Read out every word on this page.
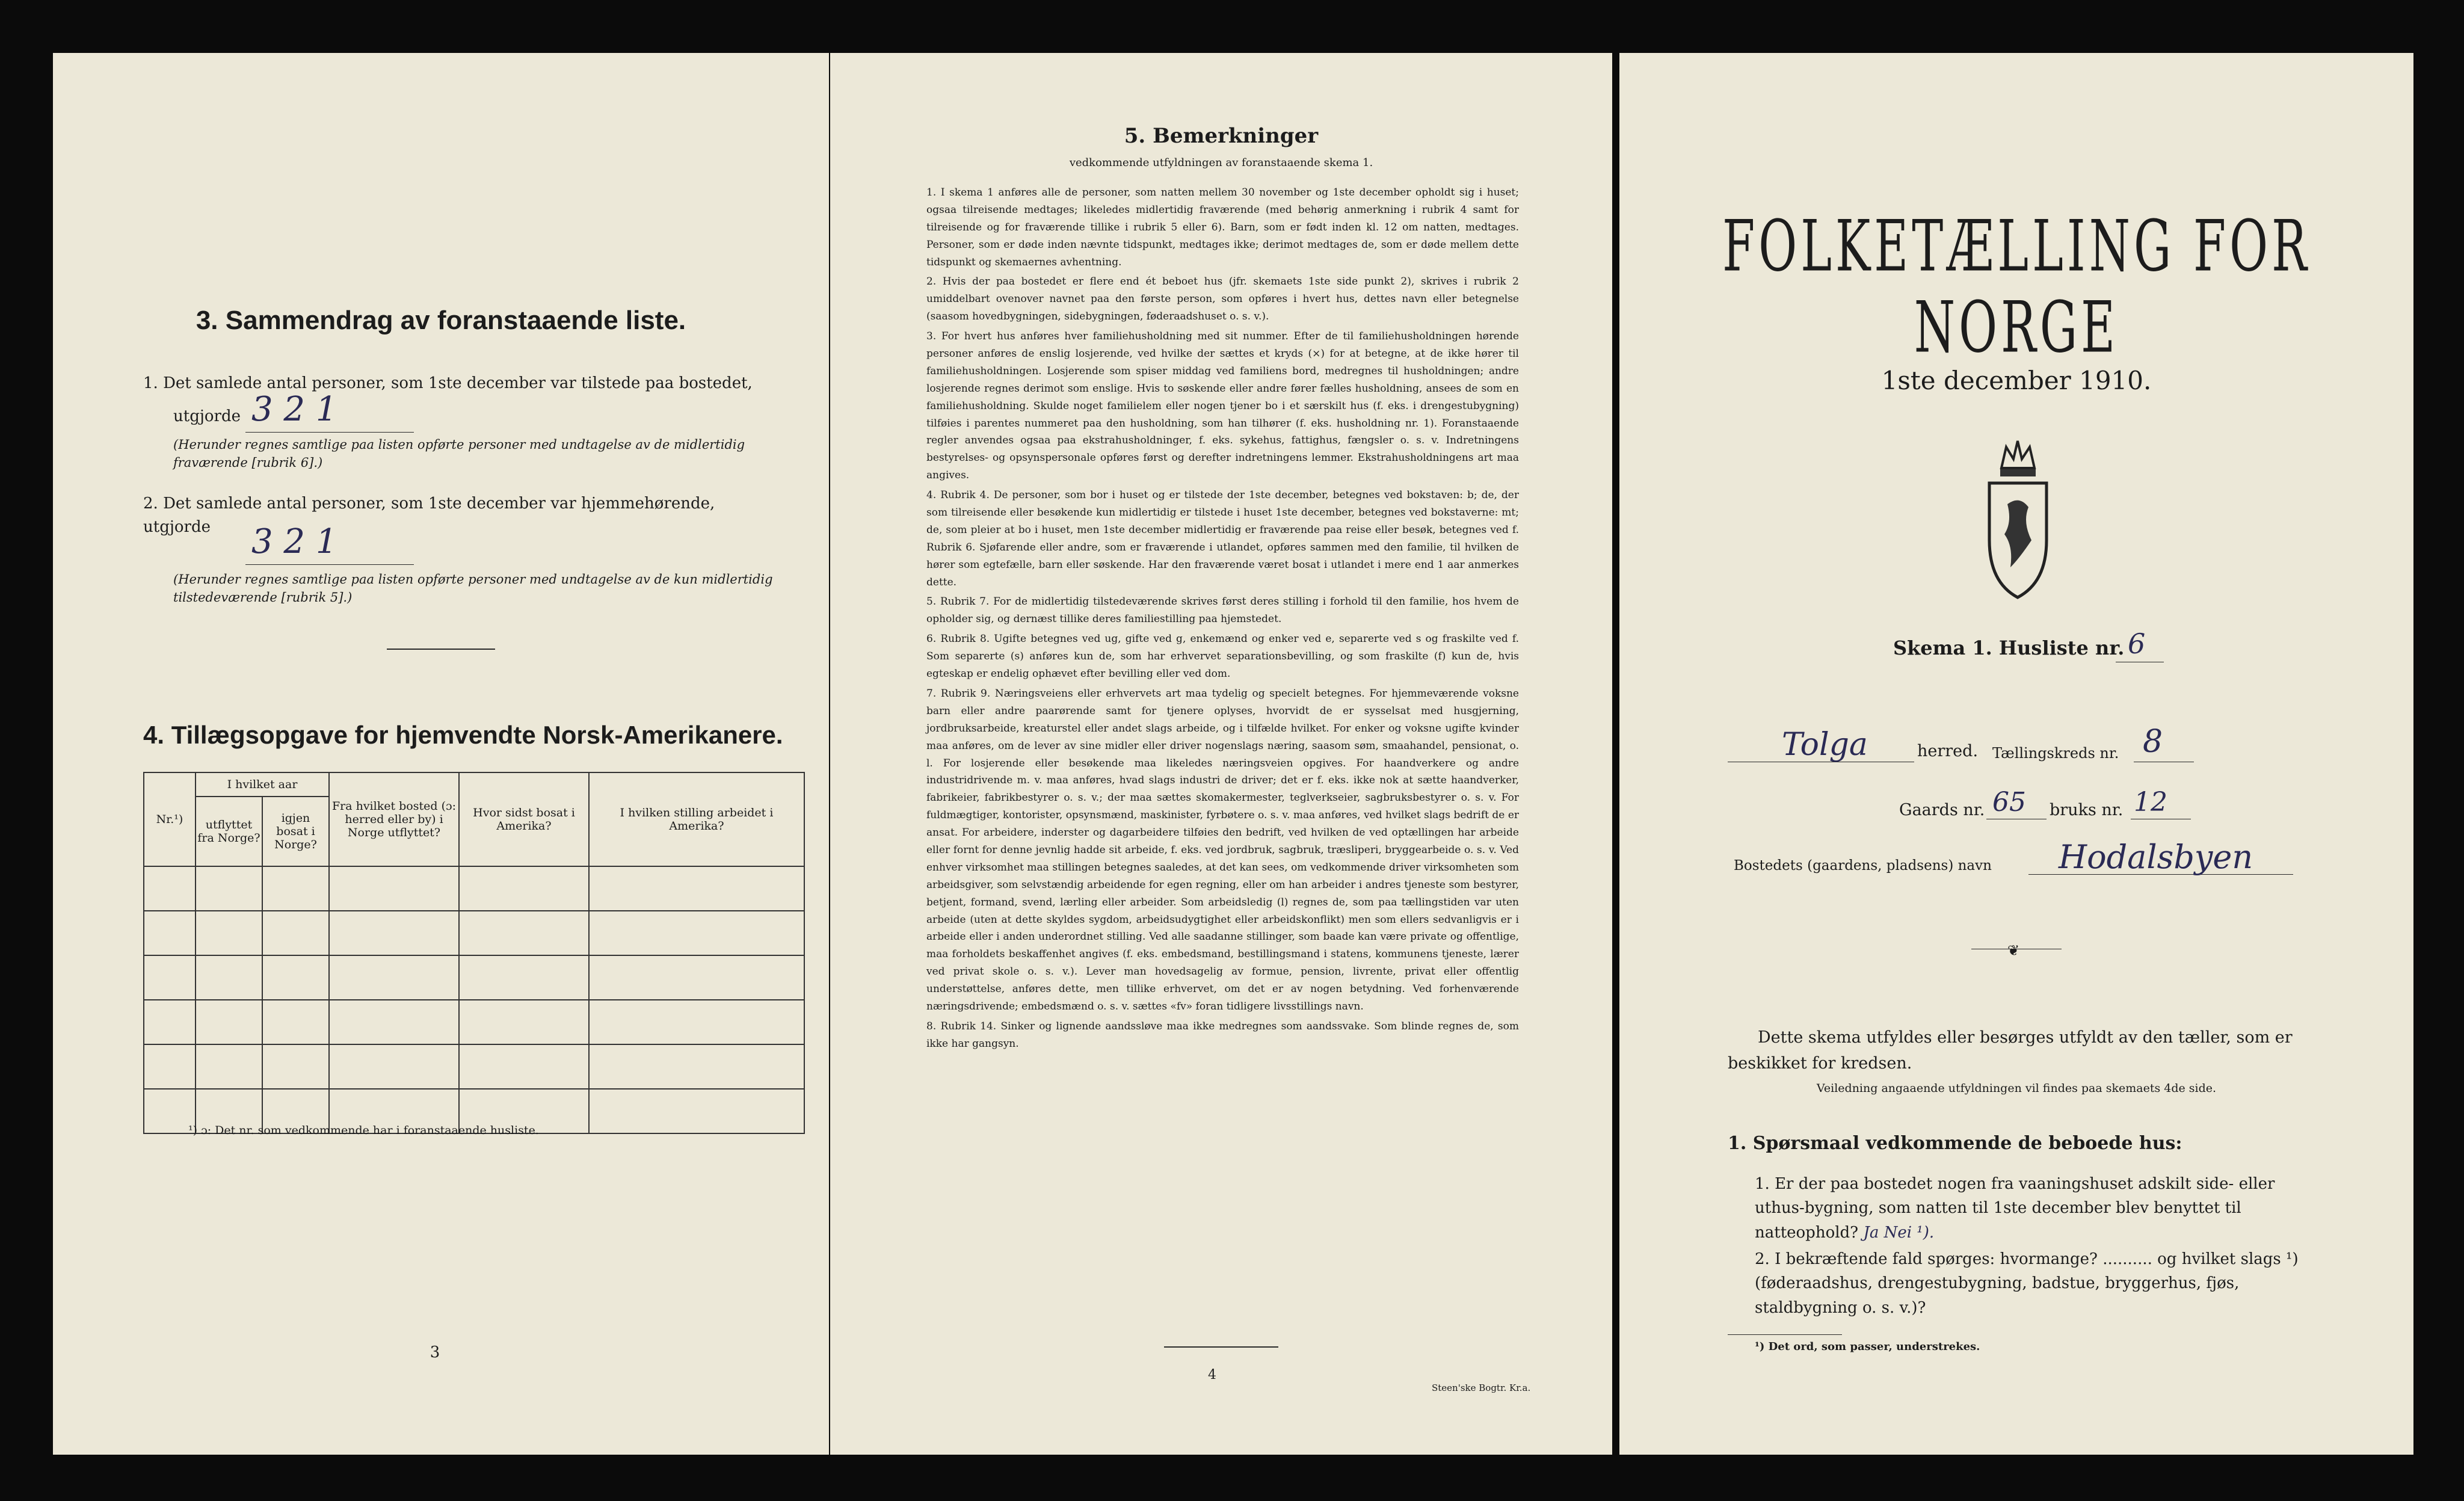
3. Sammendrag av foranstaaende liste.
1. Det samlede antal personer, som 1ste december var tilstede paa bostedet,
utgjorde 3 2 1
(Herunder regnes samtlige paa listen opførte personer med undtagelse av de midlertidig fraværende [rubrik 6].)
2. Det samlede antal personer, som 1ste december var hjemmehørende, utgjorde	3 2 1
(Herunder regnes samtlige paa listen opførte personer med undtagelse av de kun midlertidig tilstedeværende [rubrik 5].)
4. Tillægsopgave for hjemvendte Norsk-Amerikanere.
Nr.¹)	I hvilket aar		Fra hvilket bosted (ɔ: herred eller by) i Norge utflyttet?	Hvor sidst bosat i Amerika?	I hvilken stilling arbeidet i Amerika?
	utflyttet fra Norge?	igjen bosat i Norge?			

¹) ɔ: Det nr. som vedkommende har i foranstaaende husliste.
3
5. Bemerkninger
vedkommende utfyldningen av foranstaaende skema 1.

1. I skema 1 anføres alle de personer, som natten mellem 30 november og 1ste december opholdt sig i huset; ogsaa tilreisende medtages; likeledes midlertidig fraværende (med behørig anmerkning i rubrik 4 samt for tilreisende og for fraværende tillike i rubrik 5 eller 6). Barn, som er født inden kl. 12 om natten, medtages. Personer, som er døde inden nævnte tidspunkt, medtages ikke; derimot medtages de, som er døde mellem dette tidspunkt og skemaernes avhentning.

2. Hvis der paa bostedet er flere end ét beboet hus (jfr. skemaets 1ste side punkt 2), skrives i rubrik 2 umiddelbart ovenover navnet paa den første person, som opføres i hvert hus, dettes navn eller betegnelse (saasom hovedbygningen, sidebygningen, føderaadshuset o. s. v.).

3. For hvert hus anføres hver familiehusholdning med sit nummer. Efter de til familiehusholdningen hørende personer anføres de enslig losjerende, ved hvilke der sættes et kryds (×) for at betegne, at de ikke hører til familiehusholdningen. Losjerende som spiser middag ved familiens bord, medregnes til husholdningen; andre losjerende regnes derimot som enslige. Hvis to søskende eller andre fører fælles husholdning, ansees de som en familiehusholdning. Skulde noget familielem eller nogen tjener bo i et særskilt hus (f. eks. i drengestubygning) tilføies i parentes nummeret paa den husholdning, som han tilhører (f. eks. husholdning nr. 1). Foranstaaende regler anvendes ogsaa paa ekstrahusholdninger, f. eks. sykehus, fattighus, fængsler o. s. v. Indretningens bestyrelses- og opsynspersonale opføres først og derefter indretningens lemmer. Ekstrahusholdningens art maa angives.

4. Rubrik 4. De personer, som bor i huset og er tilstede der 1ste december, betegnes ved bokstaven: b; de, der som tilreisende eller besøkende kun midlertidig er tilstede i huset 1ste december, betegnes ved bokstaverne: mt; de, som pleier at bo i huset, men 1ste december midlertidig er fraværende paa reise eller besøk, betegnes ved f. Rubrik 6. Sjøfarende eller andre, som er fraværende i utlandet, opføres sammen med den familie, til hvilken de hører som egtefælle, barn eller søskende. Har den fraværende været bosat i utlandet i mere end 1 aar anmerkes dette.

5. Rubrik 7. For de midlertidig tilstedeværende skrives først deres stilling i forhold til den familie, hos hvem de opholder sig, og dernæst tillike deres familiestilling paa hjemstedet.

6. Rubrik 8. Ugifte betegnes ved ug, gifte ved g, enkemænd og enker ved e, separerte ved s og fraskilte ved f. Som separerte (s) anføres kun de, som har erhvervet separationsbevilling, og som fraskilte (f) kun de, hvis egteskap er endelig ophævet efter bevilling eller ved dom.

7. Rubrik 9. Næringsveiens eller erhvervets art maa tydelig og specielt betegnes. For hjemmeværende voksne barn eller andre paarørende samt for tjenere oplyses, hvorvidt de er sysselsat med husgjerning, jordbruksarbeide, kreaturstel eller andet slags arbeide, og i tilfælde hvilket. For enker og voksne ugifte kvinder maa anføres, om de lever av sine midler eller driver nogenslags næring, saasom søm, smaahandel, pensionat, o. l. For losjerende eller besøkende maa likeledes næringsveien opgives. For haandverkere og andre industridrivende m. v. maa anføres, hvad slags industri de driver; det er f. eks. ikke nok at sætte haandverker, fabrikeier, fabrikbestyrer o. s. v.; der maa sættes skomakermester, teglverkseier, sagbruksbestyrer o. s. v. For fuldmægtiger, kontorister, opsynsmænd, maskinister, fyrbøtere o. s. v. maa anføres, ved hvilket slags bedrift de er ansat. For arbeidere, inderster og dagarbeidere tilføies den bedrift, ved hvilken de ved optællingen har arbeide eller fornt for denne jevnlig hadde sit arbeide, f. eks. ved jordbruk, sagbruk, træsliperi, bryggearbeide o. s. v. Ved enhver virksomhet maa stillingen betegnes saaledes, at det kan sees, om vedkommende driver virksomheten som arbeidsgiver, som selvstændig arbeidende for egen regning, eller om han arbeider i andres tjeneste som bestyrer, betjent, formand, svend, lærling eller arbeider. Som arbeidsledig (l) regnes de, som paa tællingstiden var uten arbeide (uten at dette skyldes sygdom, arbeidsudygtighet eller arbeidskonflikt) men som ellers sedvanligvis er i arbeide eller i anden underordnet stilling. Ved alle saadanne stillinger, som baade kan være private og offentlige, maa forholdets beskaffenhet angives (f. eks. embedsmand, bestillingsmand i statens, kommunens tjeneste, lærer ved privat skole o. s. v.). Lever man hovedsagelig av formue, pension, livrente, privat eller offentlig understøttelse, anføres dette, men tillike erhvervet, om det er av nogen betydning. Ved forhenværende næringsdrivende; embedsmænd o. s. v. sættes «fv» foran tidligere livsstillings navn.

8. Rubrik 14. Sinker og lignende aandssløve maa ikke medregnes som aandssvake. Som blinde regnes de, som ikke har gangsyn.

4
Steen'ske Bogtr. Kr.a.
FOLKETÆLLING FOR NORGE
1ste december 1910.
Skema 1. Husliste nr. 6
Tolga	herred. Tællingskreds nr. 8
Gaards nr. 65 bruks nr. 12
Bostedets (gaardens, pladsens) navn Hodalsbyen
❦
Dette skema utfyldes eller besørges utfyldt av den tæller, som er beskikket for kredsen.
Veiledning angaaende utfyldningen vil findes paa skemaets 4de side.
1. Spørsmaal vedkommende de beboede hus:
1. Er der paa bostedet nogen fra vaaningshuset adskilt side- eller uthus-bygning, som natten til 1ste december blev benyttet til natteophold? Ja Nei ¹).
2. I bekræftende fald spørges: hvormange? .......... og hvilket slags ¹) (føderaadshus, drengestubygning, badstue, bryggerhus, fjøs, staldbygning o. s. v.)?
¹) Det ord, som passer, understrekes.
